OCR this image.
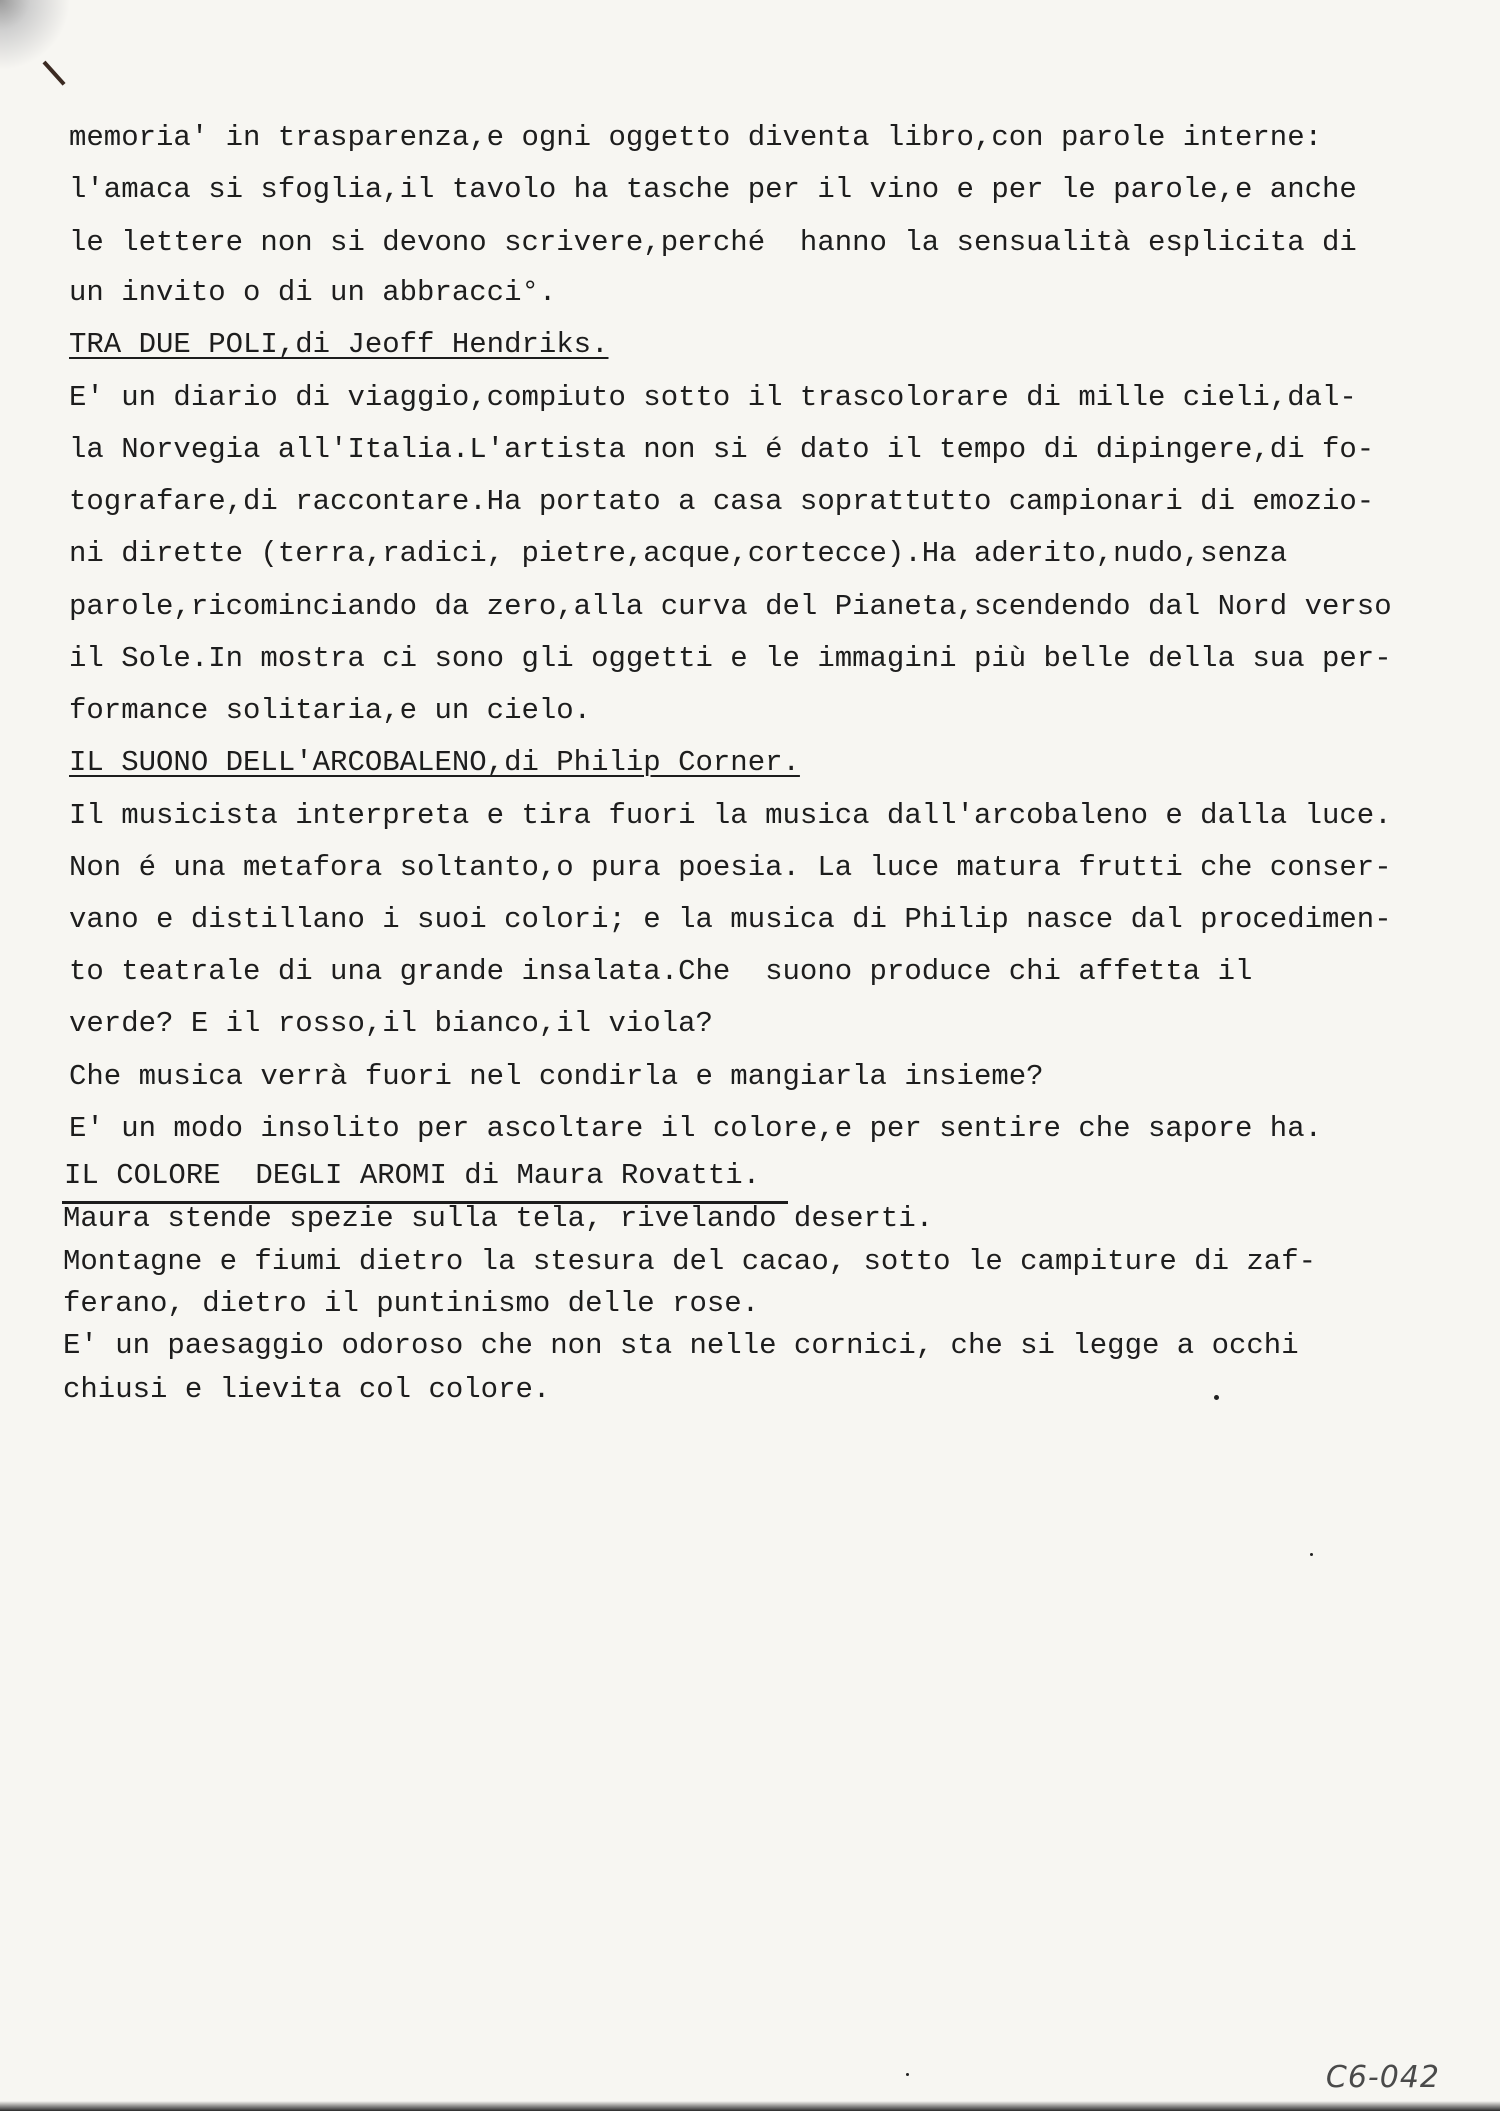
memoria' in trasparenza,e ogni oggetto diventa libro,con parole interne:
l'amaca si sfoglia,il tavolo ha tasche per il vino e per le parole,e anche
le lettere non si devono scrivere,perché  hanno la sensualità esplicita di
un invito o di un abbracci°.
TRA DUE POLI,di Jeoff Hendriks.
E' un diario di viaggio,compiuto sotto il trascolorare di mille cieli,dal-
la Norvegia all'Italia.L'artista non si é dato il tempo di dipingere,di fo-
tografare,di raccontare.Ha portato a casa soprattutto campionari di emozio-
ni dirette (terra,radici, pietre,acque,cortecce).Ha aderito,nudo,senza
parole,ricominciando da zero,alla curva del Pianeta,scendendo dal Nord verso
il Sole.In mostra ci sono gli oggetti e le immagini più belle della sua per-
formance solitaria,e un cielo.
IL SUONO DELL'ARCOBALENO,di Philip Corner.
Il musicista interpreta e tira fuori la musica dall'arcobaleno e dalla luce.
Non é una metafora soltanto,o pura poesia. La luce matura frutti che conser-
vano e distillano i suoi colori; e la musica di Philip nasce dal procedimen-
to teatrale di una grande insalata.Che  suono produce chi affetta il
verde? E il rosso,il bianco,il viola?
Che musica verrà fuori nel condirla e mangiarla insieme?
E' un modo insolito per ascoltare il colore,e per sentire che sapore ha.
IL COLORE  DEGLI AROMI di Maura Rovatti.
Maura stende spezie sulla tela, rivelando deserti.
Montagne e fiumi dietro la stesura del cacao, sotto le campiture di zaf-
ferano, dietro il puntinismo delle rose.
E' un paesaggio odoroso che non sta nelle cornici, che si legge a occhi
chiusi e lievita col colore.
C6-042
